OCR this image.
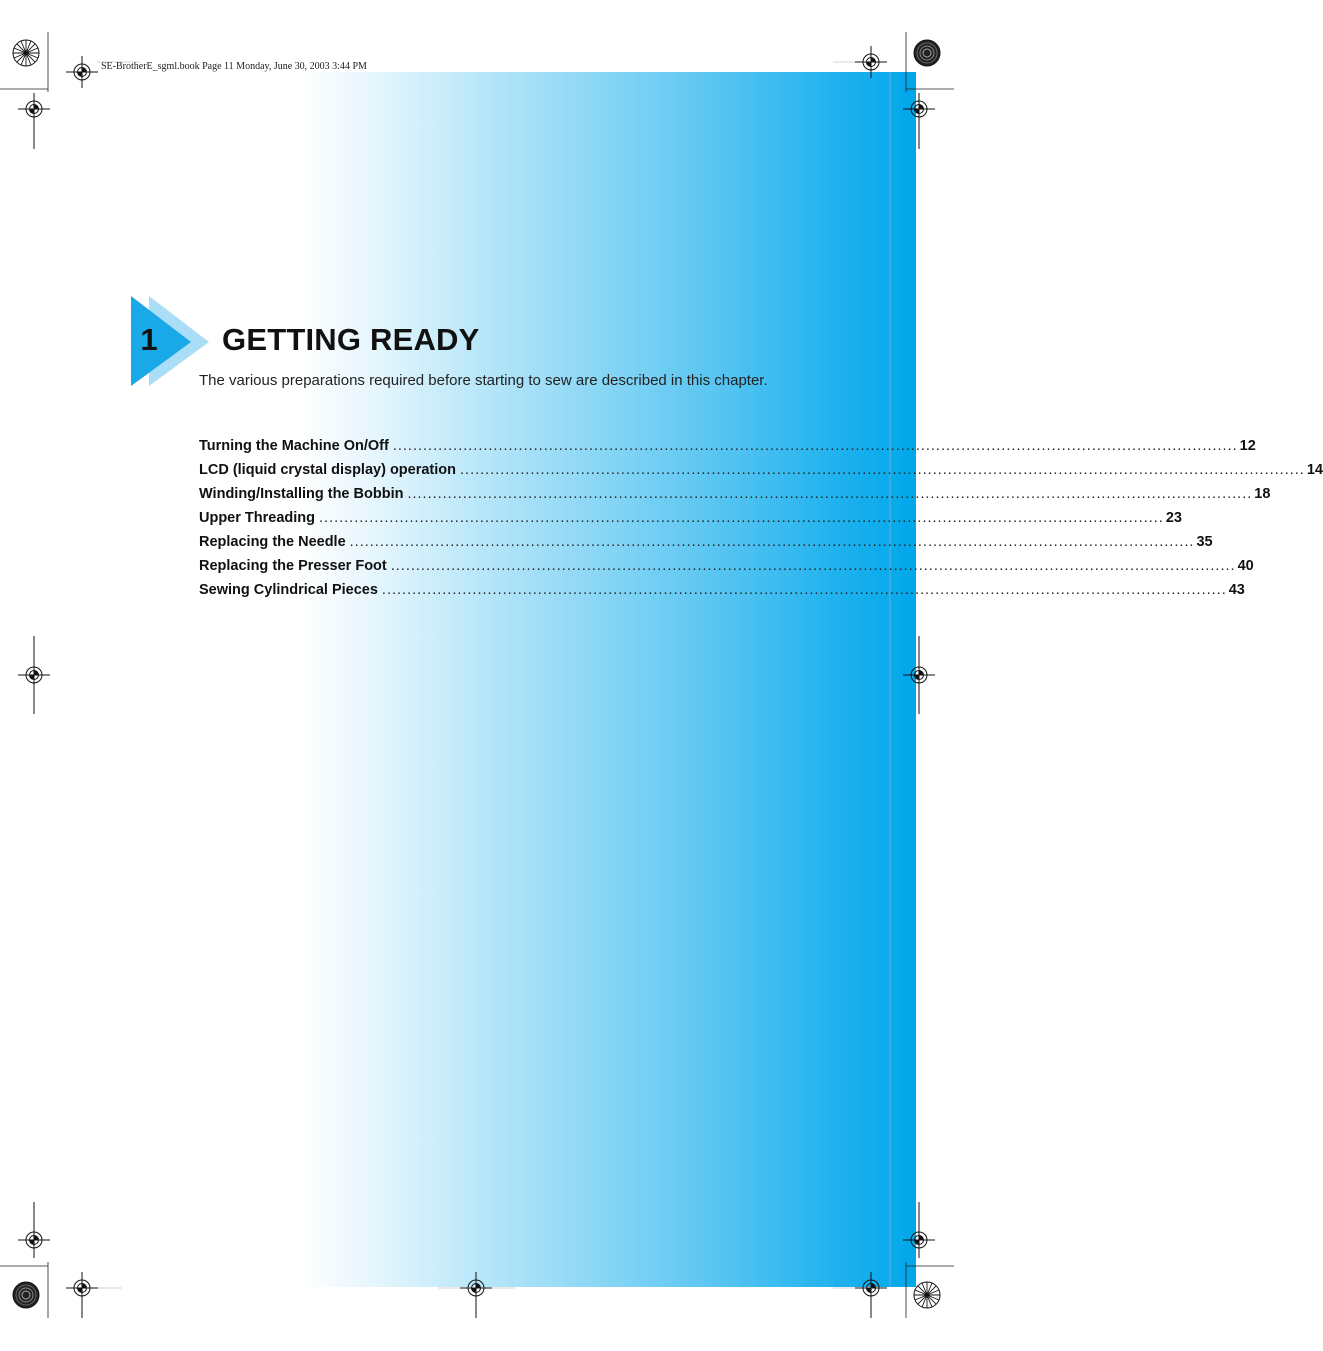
SE-BrotherE_sgml.book Page 11 Monday, June 30, 2003 3:44 PM
1	GETTING READY
The various preparations required before starting to sew are described in this chapter.
Turning the Machine On/Off ........................................................................................................................................................................ 12
LCD (liquid crystal display) operation ........................................................................................................................................................................ 14
Winding/Installing the Bobbin ........................................................................................................................................................................ 18
Upper Threading ........................................................................................................................................................................ 23
Replacing the Needle ........................................................................................................................................................................ 35
Replacing the Presser Foot ........................................................................................................................................................................ 40
Sewing Cylindrical Pieces ........................................................................................................................................................................ 43
